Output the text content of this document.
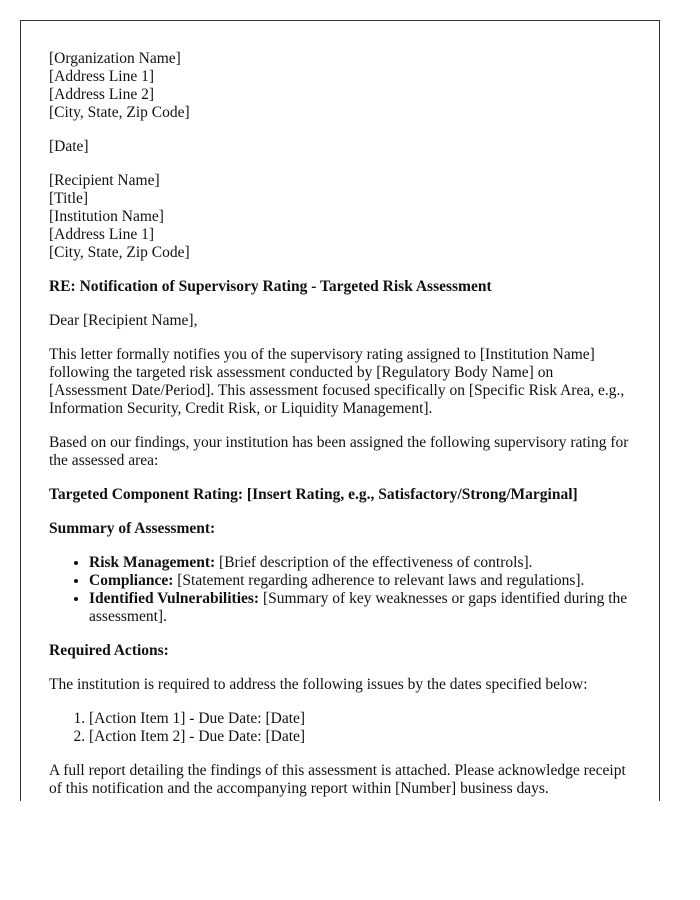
[Organization Name]
[Address Line 1]
[Address Line 2]
[City, State, Zip Code]
[Date]
[Recipient Name]
[Title]
[Institution Name]
[Address Line 1]
[City, State, Zip Code]

RE: Notification of Supervisory Rating - Targeted Risk Assessment

Dear [Recipient Name],

This letter formally notifies you of the supervisory rating assigned to [Institution Name] following the targeted risk assessment conducted by [Regulatory Body Name] on [Assessment Date/Period]. This assessment focused specifically on [Specific Risk Area, e.g., Information Security, Credit Risk, or Liquidity Management].

Based on our findings, your institution has been assigned the following supervisory rating for the assessed area:

Targeted Component Rating: [Insert Rating, e.g., Satisfactory/Strong/Marginal]

Summary of Assessment:

• Risk Management: [Brief description of the effectiveness of controls].
• Compliance: [Statement regarding adherence to relevant laws and regulations].
• Identified Vulnerabilities: [Summary of key weaknesses or gaps identified during the assessment].

Required Actions:

The institution is required to address the following issues by the dates specified below:

1. [Action Item 1] - Due Date: [Date]
2. [Action Item 2] - Due Date: [Date]

A full report detailing the findings of this assessment is attached. Please acknowledge receipt of this notification and the accompanying report within [Number] business days.
